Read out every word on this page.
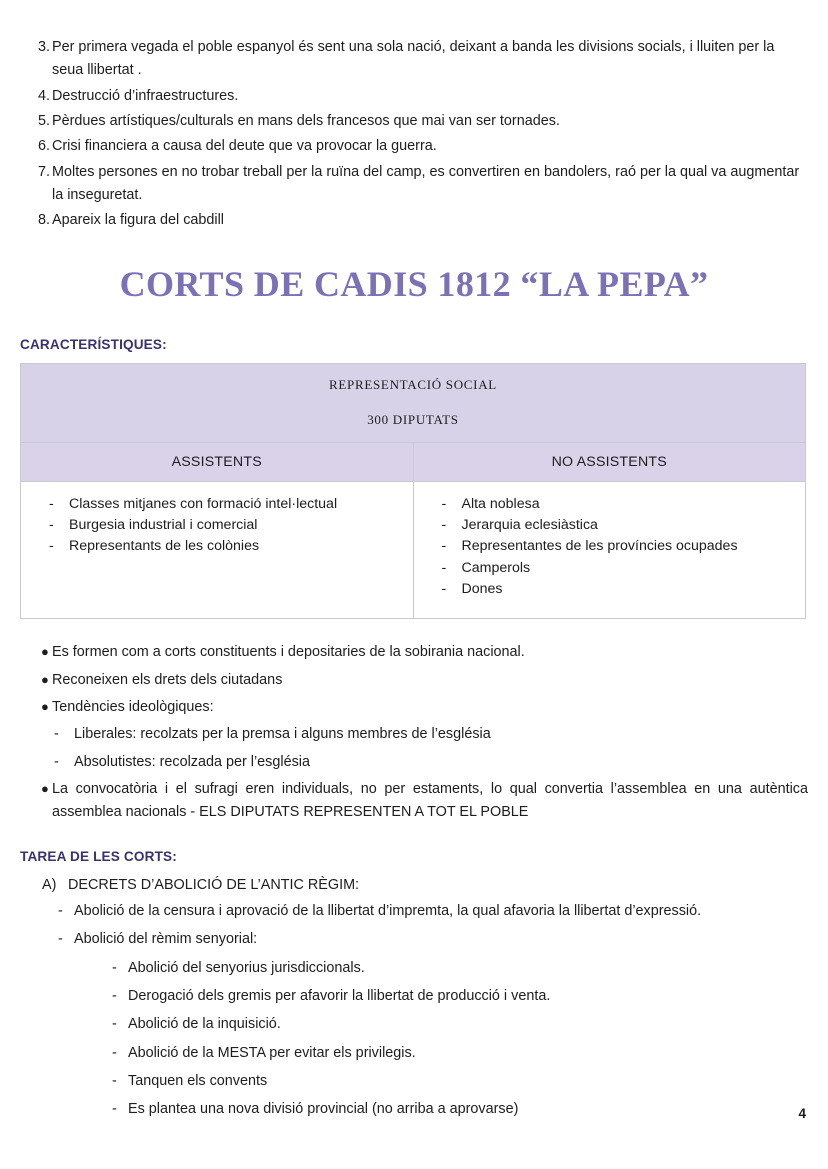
3. Per primera vegada el poble espanyol és sent una sola nació, deixant a banda les divisions socials, i lluiten per la seua llibertat .
4. Destrucció d’infraestructures.
5. Pèrdues artístiques/culturals en mans dels francesos que mai van ser tornades.
6. Crisi financiera a causa del deute que va provocar la guerra.
7. Moltes persones en no trobar treball per la ruïna del camp, es convertiren en bandolers, raó per la qual va augmentar la inseguretat.
8. Apareix la figura del cabdill
CORTS DE CADIS 1812 “LA PEPA”
CARACTERÍSTIQUES:
REPRESENTACIÓ SOCIAL
300 DIPUTATS	

ASSISTENTS	NO ASSISTENTS

-	Classes mitjanes con formació intel·lectual
-	Burgesia industrial i comercial
-	Representants de les colònies

-	Alta noblesa
-	Jerarquia eclesiàstica
-	Representantes de les províncies ocupades
-	Camperols
-	Dones
● Es formen com a corts constituents i depositaries de la sobirania nacional.
● Reconeixen els drets dels ciutadans
● Tendències ideològiques:
-	Liberales: recolzats per la premsa i alguns membres de l’església
-	Absolutistes: recolzada per l’església
● La convocatòria i el sufragi eren individuals, no per estaments, lo qual convertia l’assemblea en una autèntica assemblea nacionals - ELS DIPUTATS REPRESENTEN A TOT EL POBLE
TAREA DE LES CORTS:
A) DECRETS D’ABOLICIÓ DE L’ANTIC RÈGIM:
- Abolició de la censura i aprovació de la llibertat d’impremta, la qual afavoria la llibertat d’expressió.
- Abolició del rèmim senyorial:
- Abolició del senyorius jurisdiccionals.
- Derogació dels gremis per afavorir la llibertat de producció i venta.
- Abolició de la inquisició.
- Abolició de la MESTA per evitar els privilegis.
- Tanquen els convents
- Es plantea una nova divisió provincial (no arriba a aprovarse)	4
